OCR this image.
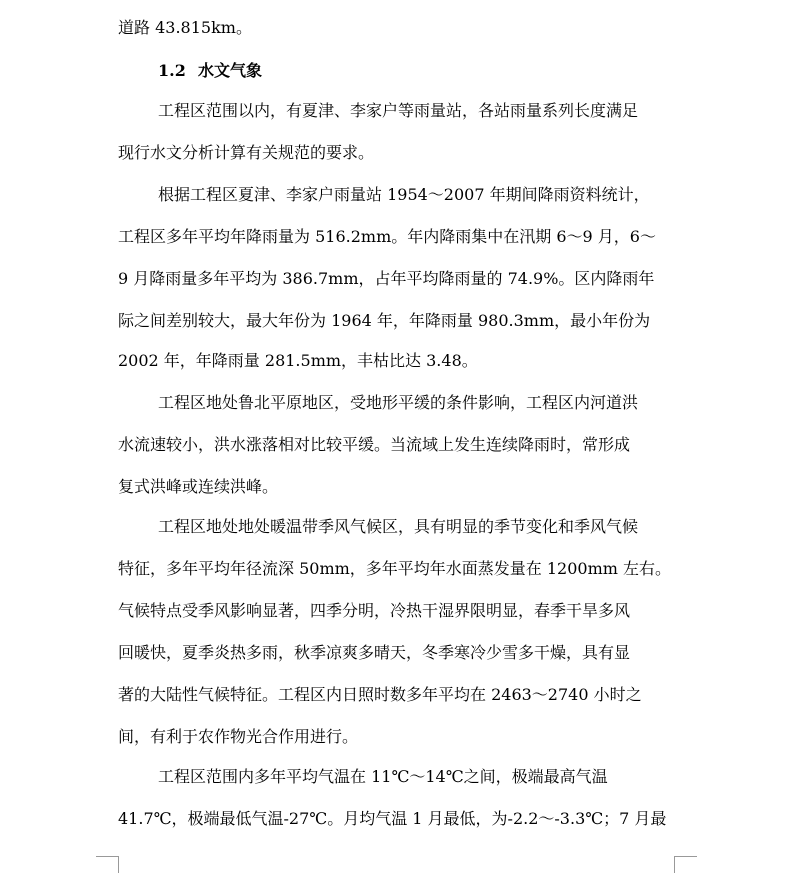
道路 43.815km。
1.2 水文气象
工程区范围以内，有夏津、李家户等雨量站，各站雨量系列长度满足
现行水文分析计算有关规范的要求。
根据工程区夏津、李家户雨量站 1954～2007 年期间降雨资料统计，
工程区多年平均年降雨量为 516.2mm。年内降雨集中在汛期 6～9 月，6～
9 月降雨量多年平均为 386.7mm，占年平均降雨量的 74.9%。区内降雨年
际之间差别较大，最大年份为 1964 年，年降雨量 980.3mm，最小年份为
2002 年，年降雨量 281.5mm，丰枯比达 3.48。
工程区地处鲁北平原地区，受地形平缓的条件影响，工程区内河道洪
水流速较小，洪水涨落相对比较平缓。当流域上发生连续降雨时，常形成
复式洪峰或连续洪峰。
工程区地处地处暖温带季风气候区，具有明显的季节变化和季风气候
特征，多年平均年径流深 50mm，多年平均年水面蒸发量在 1200mm 左右。
气候特点受季风影响显著，四季分明，冷热干湿界限明显，春季干旱多风
回暖快，夏季炎热多雨，秋季凉爽多晴天，冬季寒冷少雪多干燥，具有显
著的大陆性气候特征。工程区内日照时数多年平均在 2463～2740 小时之
间，有利于农作物光合作用进行。
工程区范围内多年平均气温在 11℃～14℃之间，极端最高气温
41.7℃，极端最低气温-27℃。月均气温 1 月最低，为-2.2～-3.3℃；7 月最
